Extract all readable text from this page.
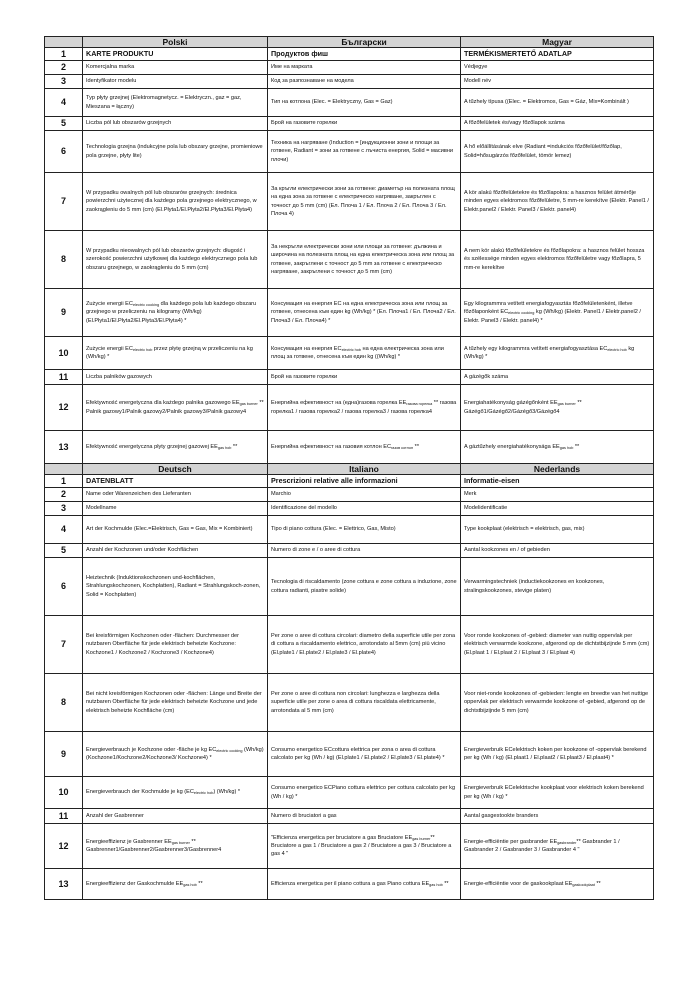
	Polski	Български	Magyar
1	KARTE PRODUKTU	Продуктов фиш	TERMÉKISMERTETŐ ADATLAP
2	Komercjalna marka	Име на марката	Védjegye
3	Identyfikator modelu	Код за разпознаване на модела	Modell név
4	Typ płyty grzejnej (Elektromagnetycz. = Elektryczn., gaz = gaz, Mieszana = łączny)	Тип на котлона (Elec. = Elektryczny, Gas = Gaz)	A tűzhely típusa ((Elec. = Elektromos, Gas = Gáz, Mix=Kombinált )
5	Liczba pól lub obszarów grzejnych	Брой на газовите горелки	A főzőfelületek és/vagy főzőlapok száma
6	Technologia grzejna (indukcyjne pola lub obszary grzejne, promieniowe pola grzejne, płyty lite)	Техника на нагряване (Induction = [индукционни зони и площи за готвене, Radiant = зони за готвене с лъчиста енергия, Solid = масивни плочи)	A hő előállításának elve (Radiant =indukciós főzőfelület/főzőlap, Solid=hősugárzós főzőfelület, tömör lemez)
7	W przypadku owalnych pól lub obszarów grzejnych: średnica powierzchni użytecznej dla każdego pola grzejnego elektrycznego, w zaokrągleniu do 5 mm (cm) (El.Płyta1/El.Płyta2/El.Płyta3/El.Płyta4)	За кръгли електрически зони за готвене: диаметър на полезната площ на една зона за готвене с електрическо нагряване, закръглен с точност до 5 mm (cm) (Ел. Плоча 1 / Ел. Плоча 2 / Ел. Плоча 3 / Ел. Плоча 4)	A kör alakú főzőfelületekre és főzőlapokra: a hasznos felület átmérője minden egyes elektromos főzőfelületre, 5 mm-re kerekítve (Elektr. Panel1 / Elektr.panel2 / Elektr. Panel3 / Elektr. panel4)
8	W przypadku nieowalnych pól lub obszarów grzejnych: długość i szerokość powierzchni użytkowej dla każdego elektrycznego pola lub obszaru grzejnego, w zaokrągleniu do 5 mm (cm)	За некръгли електрически зони или площи за готвене: дължина и широчина на полезната площ на една електрическа зона или площ за готвене, закръглени с точност до 5 mm за готвене с електрическо нагряване, закръглени с точност до 5 mm (cm)	A nem kör alakú főzőfelületekre és főzőlapokra: a hasznos felület hossza és szélessége minden egyes elektromos főzőfelületre vagy főzőlapra, 5 mm-re kerekítve
9	Zużycie energii $EC_{electric cooking}$ dla każdego pola lub każdego obszaru grzejnego w przeliczeniu na kilogramy (Wh/kg) (El.Płyta1/El.Płyta2/El.Płyta3/El.Płyta4) *	Консумация на енергия EC на една електрическа зона или площ за готвене, отнесена към един kg (Wh/kg) * (Ел. Плоча1 / Ел. Плоча2 / Ел. Плоча3 / Ел. Плоча4) *	Egy kilogrammra vetített energiafogyasztás főzőfelületenként, illetve főzőlaponként $EC_{electric cooking}$ kg (Wh/kg) (Elektr. Panel1 / Elektr.panel2 / Elektr. Panel3 / Elektr. panel4) *
10	Zużycie energii $EC_{electric hob}$ przez płytę grzejną w przeliczeniu na kg (Wh/kg) *	Консумация на енергия $EC_{electric hob}$ на една електрическа зона или площ за готвене, отнесена към един kg ((Wh/kg) *	A tűzhely egy kilogrammra vetített energiafogyasztása $EC_{electric hob}$ kg (Wh/kg) *
11	Liczba palników gazowych	Брой на газовите горелки	A gázégők száma
12	Efektywność energetyczna dla każdego palnika gazowego $EE_{gas burner}$ ** Palnik gazowy1/Palnik gazowy2/Palnik gazowy3/Palnik gazowy4	Енергийна ефективност на (една)газова горелка $EE_{газова горелка}$ ** газова горелка1 / газова горелка2 / газова горелка3 / газова горелка4	Energiahatékonyság gázégőnként $EE_{gas burner}$ ** Gázégő1/Gázégő2/Gázégő3/Gázégő4
13	Efektywność energetyczna płyty grzejnej gazowej $EE_{gas hob}$ **	Енергийна ефективност на газовия котлон $EC_{газов котлон}$ **	A gáztűzhely energiahatékonysága $EE_{gas hob}$ **
	Deutsch	Italiano	Nederlands
1	DATENBLATT	Prescrizioni relative alle informazioni	Informatie-eisen
2	Name oder Warenzeichen des Lieferanten	Marchio	Merk
3	Modellname	Identificazione del modello	Modelidentificatie
4	Art der Kochmulde (Elec.=Elektrisch, Gas = Gas, Mix = Kombiniert)	Tipo di piano cottura (Elec. = Elettrico, Gas, Misto)	Type kookplaat (elektrisch = elektrisch, gas, mix)
5	Anzahl der Kochzonen und/oder Kochflächen	Numero di zone e / o aree di cottura	Aantal kookzones en / of gebieden
6	Heiztechnik (Induktionskochzonen und-kochflächen, Strahlungskochzonen, Kochplatten), Radiant = Strahlungskoch-zonen, Solid = Kochplatten)	Tecnologia di riscaldamento (zone cottura e zone cottura a induzione, zone cottura radianti, piastre solide)	Verwarmingstechniek (inductiekookzones en kookzones, stralingskookzones, stevige platen)
7	Bei kreisförmigen Kochzonen oder -flächen: Durchmesser der nutzbaren Oberfläche für jede elektrisch beheizte Kochzone: Kochzone1 / Kochzone2 / Kochzone3 / Kochzone4)	Per zone o aree di cottura circolari: diametro della superficie utile per zona di cottura a riscaldamento elettrico, arrotondato al 5mm (cm) più vicino (El.plate1 / El.plate2 / El.plate3 / El.plate4)	Voor ronde kookzones of -gebied: diameter van nuttig oppervlak per elektrisch verwarmde kookzone, afgerond op de dichtstbijzijnde 5 mm (cm) (El.plaat 1 / El.plaat 2 / El.plaat 3 / El.plaat 4)
8	Bei nicht kreisförmigen Kochzonen oder -flächen: Länge und Breite der nutzbaren Oberfläche für jede elektrisch beheizte Kochzone und jede elektrisch beheizte Kochfläche (cm)	Per zone o aree di cottura non circolari: lunghezza e larghezza della superficie utile per zone o area di cottura riscaldata elettricamente, arrotondata al 5 mm (cm)	Voor niet-ronde kookzones of -gebieden: lengte en breedte van het nuttige oppervlak per elektrisch verwarmde kookzone of -gebied, afgerond op de dichtstbijzijnde 5 mm (cm)
9	Energieverbrauch je Kochzone oder -fläche je kg $EC_{electric cooking}$ (Wh/kg) (Kochzone1/Kochzone2/Kochzone3/ Kochzone4) *	Consumo energetico ECcottura elettrica per zona o area di cottura calcolato per kg (Wh / kg) (El.plate1 / El.plate2 / El.plate3 / El.plate4) *	Energieverbruik ECelektrisch koken per kookzone of -oppervlak berekend per kg (Wh / kg) (El.plaat1 / El.plaat2 / El.plaat3 / El.plaat4) *
10	Energieverbrauch der Kochmulde je kg $(EC_{electric hob})$ (Wh/kg) *	Consumo energetico ECPiano cottura elettrico per cottura calcolato per kg (Wh / kg) *	Energieverbruik ECelektrische kookplaat voor elektrisch koken berekend per kg (Wh / kg) *
11	Anzahl der Gasbrenner	Numero di bruciatori a gas	Aantal gasgestookte branders
12	Energieeffizienz je Gasbrenner $EE_{gas burner}$ ** Gasbrenner1/Gasbrenner2/Gasbrenner3/Gasbrenner4	"Efficienza energetica per bruciatore a gas Bruciatore $EE_{gas burner}**$ Bruciatore a gas 1 / Bruciatore a gas 2 / Bruciatore a gas 3 / Bruciatore a gas 4 "	Energie-efficiëntie per gasbrander $EE_{gasbrander}**$ Gasbrander 1 / Gasbrander 2 / Gasbrander 3 / Gasbrander 4 "
13	Energieeffizienz der Gaskochmulde $EE_{gas hob}$ **	Efficienza energetica per il piano cottura a gas Piano cottura $EE_{gas hob}$ **	Energie-efficiëntie voor de gaskookplaat $EE_{gaskookplaat}$ **
